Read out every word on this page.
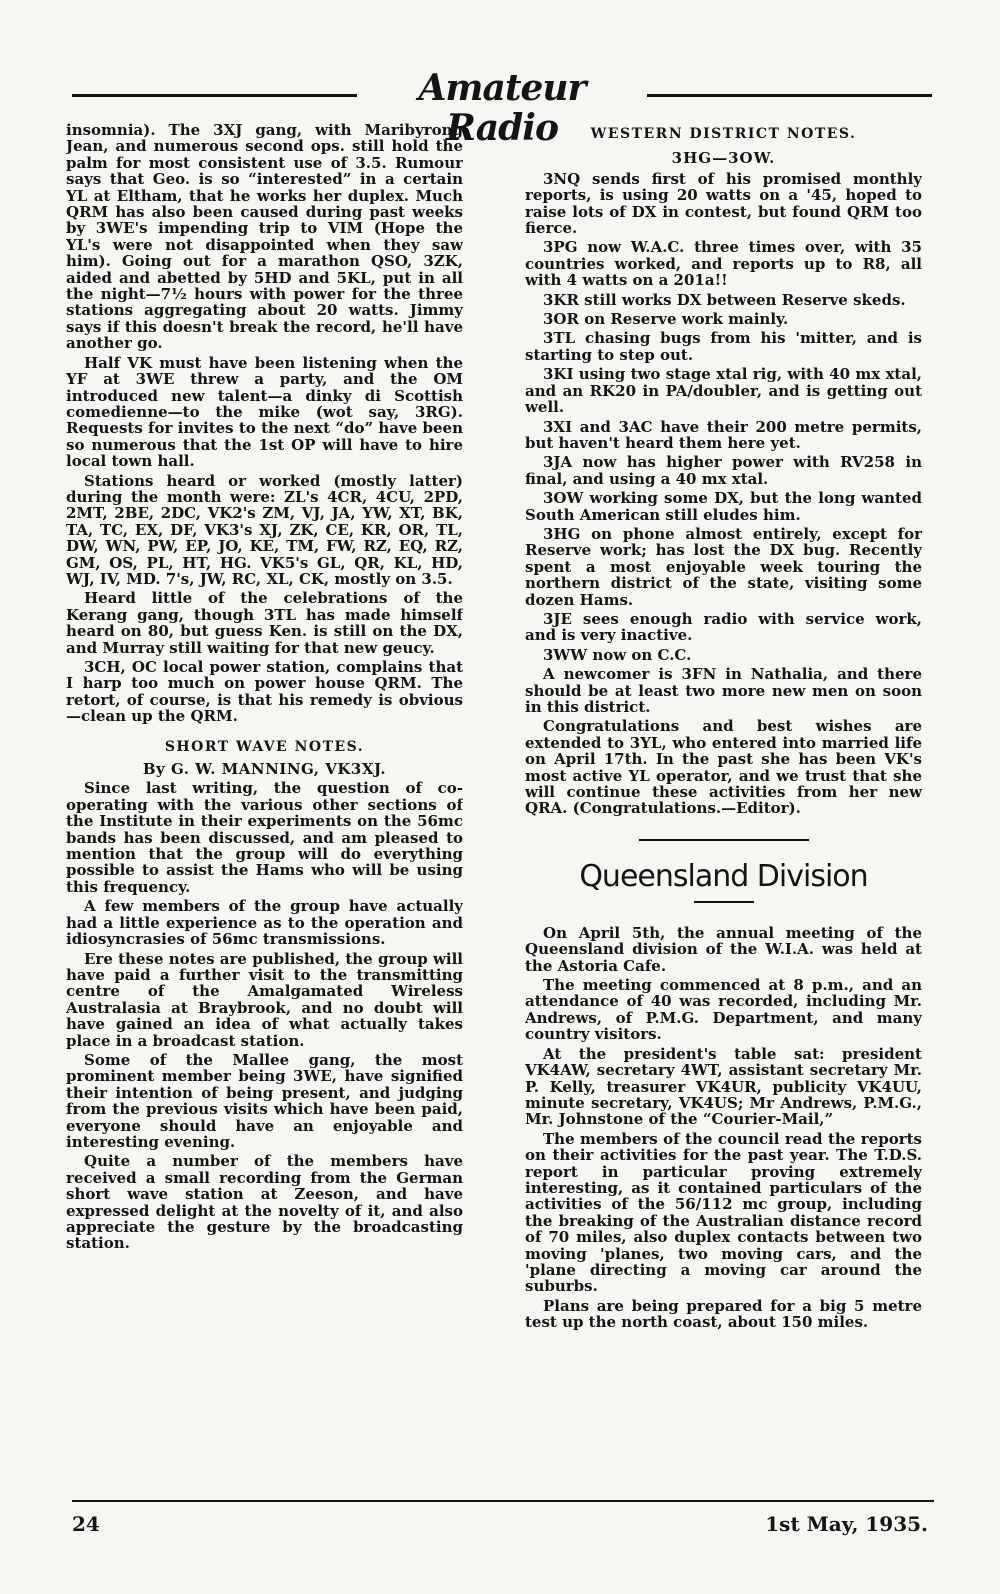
Amateur Radio

insomnia). The 3XJ gang, with Maribyrong Jean, and numerous second ops. still hold the palm for most consistent use of 3.5. Rumour says that Geo. is so “interested” in a certain YL at Eltham, that he works her duplex. Much QRM has also been caused during past weeks by 3WE's impending trip to VIM (Hope the YL's were not disappointed when they saw him). Going out for a marathon QSO, 3ZK, aided and abetted by 5HD and 5KL, put in all the night—7½ hours with power for the three stations aggregating about 20 watts. Jimmy says if this doesn't break the record, he'll have another go.

Half VK must have been listening when the YF at 3WE threw a party, and the OM introduced new talent—a dinky di Scottish comedienne—to the mike (wot say, 3RG). Requests for invites to the next “do” have been so numerous that the 1st OP will have to hire local town hall.

Stations heard or worked (mostly latter) during the month were: ZL's 4CR, 4CU, 2PD, 2MT, 2BE, 2DC, VK2's ZM, VJ, JA, YW, XT, BK, TA, TC, EX, DF, VK3's XJ, ZK, CE, KR, OR, TL, DW, WN, PW, EP, JO, KE, TM, FW, RZ, EQ, RZ, GM, OS, PL, HT, HG. VK5's GL, QR, KL, HD, WJ, IV, MD. 7's, JW, RC, XL, CK, mostly on 3.5.

Heard little of the celebrations of the Kerang gang, though 3TL has made himself heard on 80, but guess Ken. is still on the DX, and Murray still waiting for that new geucy.

3CH, OC local power station, complains that I harp too much on power house QRM. The retort, of course, is that his remedy is obvious—clean up the QRM.

SHORT WAVE NOTES.
By G. W. MANNING, VK3XJ.

Since last writing, the question of co-operating with the various other sections of the Institute in their experiments on the 56mc bands has been discussed, and am pleased to mention that the group will do everything possible to assist the Hams who will be using this frequency.

A few members of the group have actually had a little experience as to the operation and idiosyncrasies of 56mc transmissions.

Ere these notes are published, the group will have paid a further visit to the transmitting centre of the Amalgamated Wireless Australasia at Braybrook, and no doubt will have gained an idea of what actually takes place in a broadcast station.

Some of the Mallee gang, the most prominent member being 3WE, have signified their intention of being present, and judging from the previous visits which have been paid, everyone should have an enjoyable and interesting evening.

Quite a number of the members have received a small recording from the German short wave station at Zeeson, and have expressed delight at the novelty of it, and also appreciate the gesture by the broadcasting station.

WESTERN DISTRICT NOTES.
3HG—3OW.

3NQ sends first of his promised monthly reports, is using 20 watts on a '45, hoped to raise lots of DX in contest, but found QRM too fierce.

3PG now W.A.C. three times over, with 35 countries worked, and reports up to R8, all with 4 watts on a 201a!!

3KR still works DX between Reserve skeds.

3OR on Reserve work mainly.

3TL chasing bugs from his 'mitter, and is starting to step out.

3KI using two stage xtal rig, with 40 mx xtal, and an RK20 in PA/doubler, and is getting out well.

3XI and 3AC have their 200 metre permits, but haven't heard them here yet.

3JA now has higher power with RV258 in final, and using a 40 mx xtal.

3OW working some DX, but the long wanted South American still eludes him.

3HG on phone almost entirely, except for Reserve work; has lost the DX bug. Recently spent a most enjoyable week touring the northern district of the state, visiting some dozen Hams.

3JE sees enough radio with service work, and is very inactive.

3WW now on C.C.

A newcomer is 3FN in Nathalia, and there should be at least two more new men on soon in this district.

Congratulations and best wishes are extended to 3YL, who entered into married life on April 17th. In the past she has been VK's most active YL operator, and we trust that she will continue these activities from her new QRA. (Congratulations.—Editor).

Queensland Division

On April 5th, the annual meeting of the Queensland division of the W.I.A. was held at the Astoria Cafe.

The meeting commenced at 8 p.m., and an attendance of 40 was recorded, including Mr. Andrews, of P.M.G. Department, and many country visitors.

At the president's table sat: president VK4AW, secretary 4WT, assistant secretary Mr. P. Kelly, treasurer VK4UR, publicity VK4UU, minute secretary, VK4US; Mr Andrews, P.M.G., Mr. Johnstone of the “Courier-Mail,”

The members of the council read the reports on their activities for the past year. The T.D.S. report in particular proving extremely interesting, as it contained particulars of the activities of the 56/112 mc group, including the breaking of the Australian distance record of 70 miles, also duplex contacts between two moving 'planes, two moving cars, and the 'plane directing a moving car around the suburbs.

Plans are being prepared for a big 5 metre test up the north coast, about 150 miles.

24	1st May, 1935.
